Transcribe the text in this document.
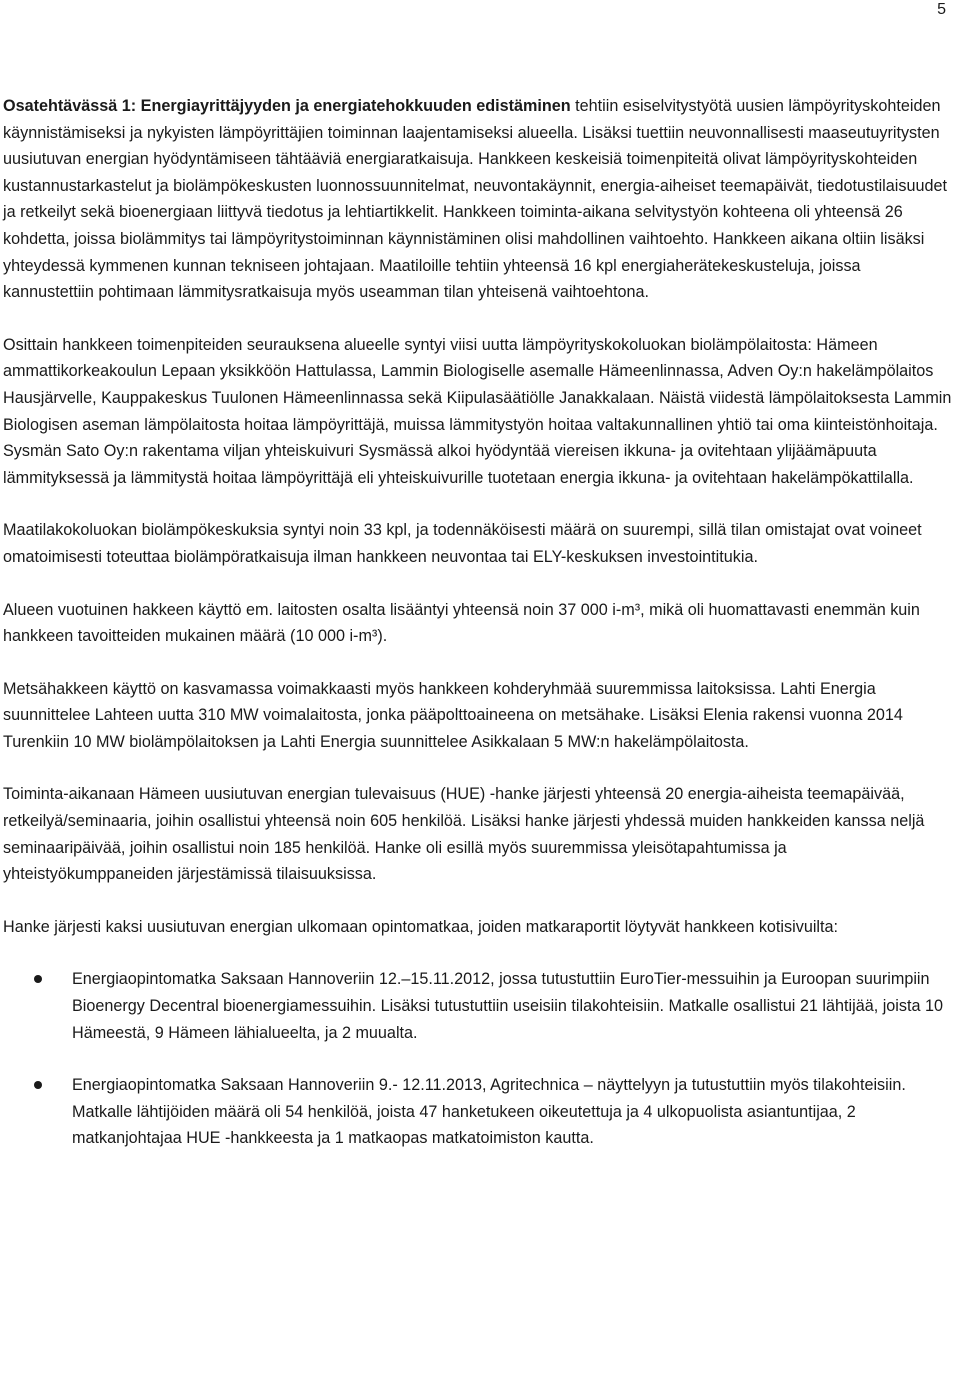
5

Osatehtävässä 1: Energiayrittäjyyden ja energiatehokkuuden edistäminen tehtiin esiselvitystyötä uusien lämpöyrityskohteiden käynnistämiseksi ja nykyisten lämpöyrittäjien toiminnan laajentamiseksi alueella. Lisäksi tuettiin neuvonnallisesti maaseutuyritysten uusiutuvan energian hyödyntämiseen tähtääviä energiaratkaisuja. Hankkeen keskeisiä toimenpiteitä olivat lämpöyrityskohteiden kustannustarkastelut ja biolämpökeskusten luonnossuunnitelmat, neuvontakäynnit, energia-aiheiset teemapäivät, tiedotustilaisuudet ja retkeilyt sekä bioenergiaan liittyvä tiedotus ja lehtiartikkelit. Hankkeen toiminta-aikana selvitystyön kohteena oli yhteensä 26 kohdetta, joissa biolämmitys tai lämpöyritystoiminnan käynnistäminen olisi mahdollinen vaihtoehto. Hankkeen aikana oltiin lisäksi yhteydessä kymmenen kunnan tekniseen johtajaan. Maatiloille tehtiin yhteensä 16 kpl energiaherätekeskusteluja, joissa kannustettiin pohtimaan lämmitysratkaisuja myös useamman tilan yhteisenä vaihtoehtona.

Osittain hankkeen toimenpiteiden seurauksena alueelle syntyi viisi uutta lämpöyrityskokoluokan biolämpölaitosta: Hämeen ammattikorkeakoulun Lepaan yksikköön Hattulassa, Lammin Biologiselle asemalle Hämeenlinnassa, Adven Oy:n hakelämpölaitos Hausjärvelle, Kauppakeskus Tuulonen Hämeenlinnassa sekä Kiipulasäätiölle Janakkalaan. Näistä viidestä lämpölaitoksesta Lammin Biologisen aseman lämpölaitosta hoitaa lämpöyrittäjä, muissa lämmitystyön hoitaa valtakunnallinen yhtiö tai oma kiinteistönhoitaja. Sysmän Sato Oy:n rakentama viljan yhteiskuivuri Sysmässä alkoi hyödyntää viereisen ikkuna- ja ovitehtaan ylijäämäpuuta lämmityksessä ja lämmitystä hoitaa lämpöyrittäjä eli yhteiskuivurille tuotetaan energia ikkuna- ja ovitehtaan hakelämpökattilalla.

Maatilakokoluokan biolämpökeskuksia syntyi noin 33 kpl, ja todennäköisesti määrä on suurempi, sillä tilan omistajat ovat voineet omatoimisesti toteuttaa biolämpöratkaisuja ilman hankkeen neuvontaa tai ELY-keskuksen investointitukia.

Alueen vuotuinen hakkeen käyttö em. laitosten osalta lisääntyi yhteensä noin 37 000 i-m³, mikä oli huomattavasti enemmän kuin hankkeen tavoitteiden mukainen määrä (10 000 i-m³).

Metsähakkeen käyttö on kasvamassa voimakkaasti myös hankkeen kohderyhmää suuremmissa laitoksissa. Lahti Energia suunnittelee Lahteen uutta 310 MW voimalaitosta, jonka pääpolttoaineena on metsähake. Lisäksi Elenia rakensi vuonna 2014 Turenkiin 10 MW biolämpölaitoksen ja Lahti Energia suunnittelee Asikkalaan 5 MW:n hakelämpölaitosta.

Toiminta-aikanaan Hämeen uusiutuvan energian tulevaisuus (HUE) -hanke järjesti yhteensä 20 energia-aiheista teemapäivää, retkeilyä/seminaaria, joihin osallistui yhteensä noin 605 henkilöä. Lisäksi hanke järjesti yhdessä muiden hankkeiden kanssa neljä seminaaripäivää, joihin osallistui noin 185 henkilöä. Hanke oli esillä myös suuremmissa yleisötapahtumissa ja yhteistyökumppaneiden järjestämissä tilaisuuksissa.

Hanke järjesti kaksi uusiutuvan energian ulkomaan opintomatkaa, joiden matkaraportit löytyvät hankkeen kotisivuilta:

Energiaopintomatka Saksaan Hannoveriin 12.–15.11.2012, jossa tutustuttiin EuroTier-messuihin ja Euroopan suurimpiin Bioenergy Decentral bioenergiamessuihin. Lisäksi tutustuttiin useisiin tilakohteisiin. Matkalle osallistui 21 lähtijää, joista 10 Hämeestä, 9 Hämeen lähialueelta, ja 2 muualta.
Energiaopintomatka Saksaan Hannoveriin 9.- 12.11.2013, Agritechnica – näyttelyyn ja tutustuttiin myös tilakohteisiin. Matkalle lähtijöiden määrä oli 54 henkilöä, joista 47 hanketukeen oikeutettuja ja 4 ulkopuolista asiantuntijaa, 2 matkanjohtajaa HUE -hankkeesta ja 1 matkaopas matkatoimiston kautta.
